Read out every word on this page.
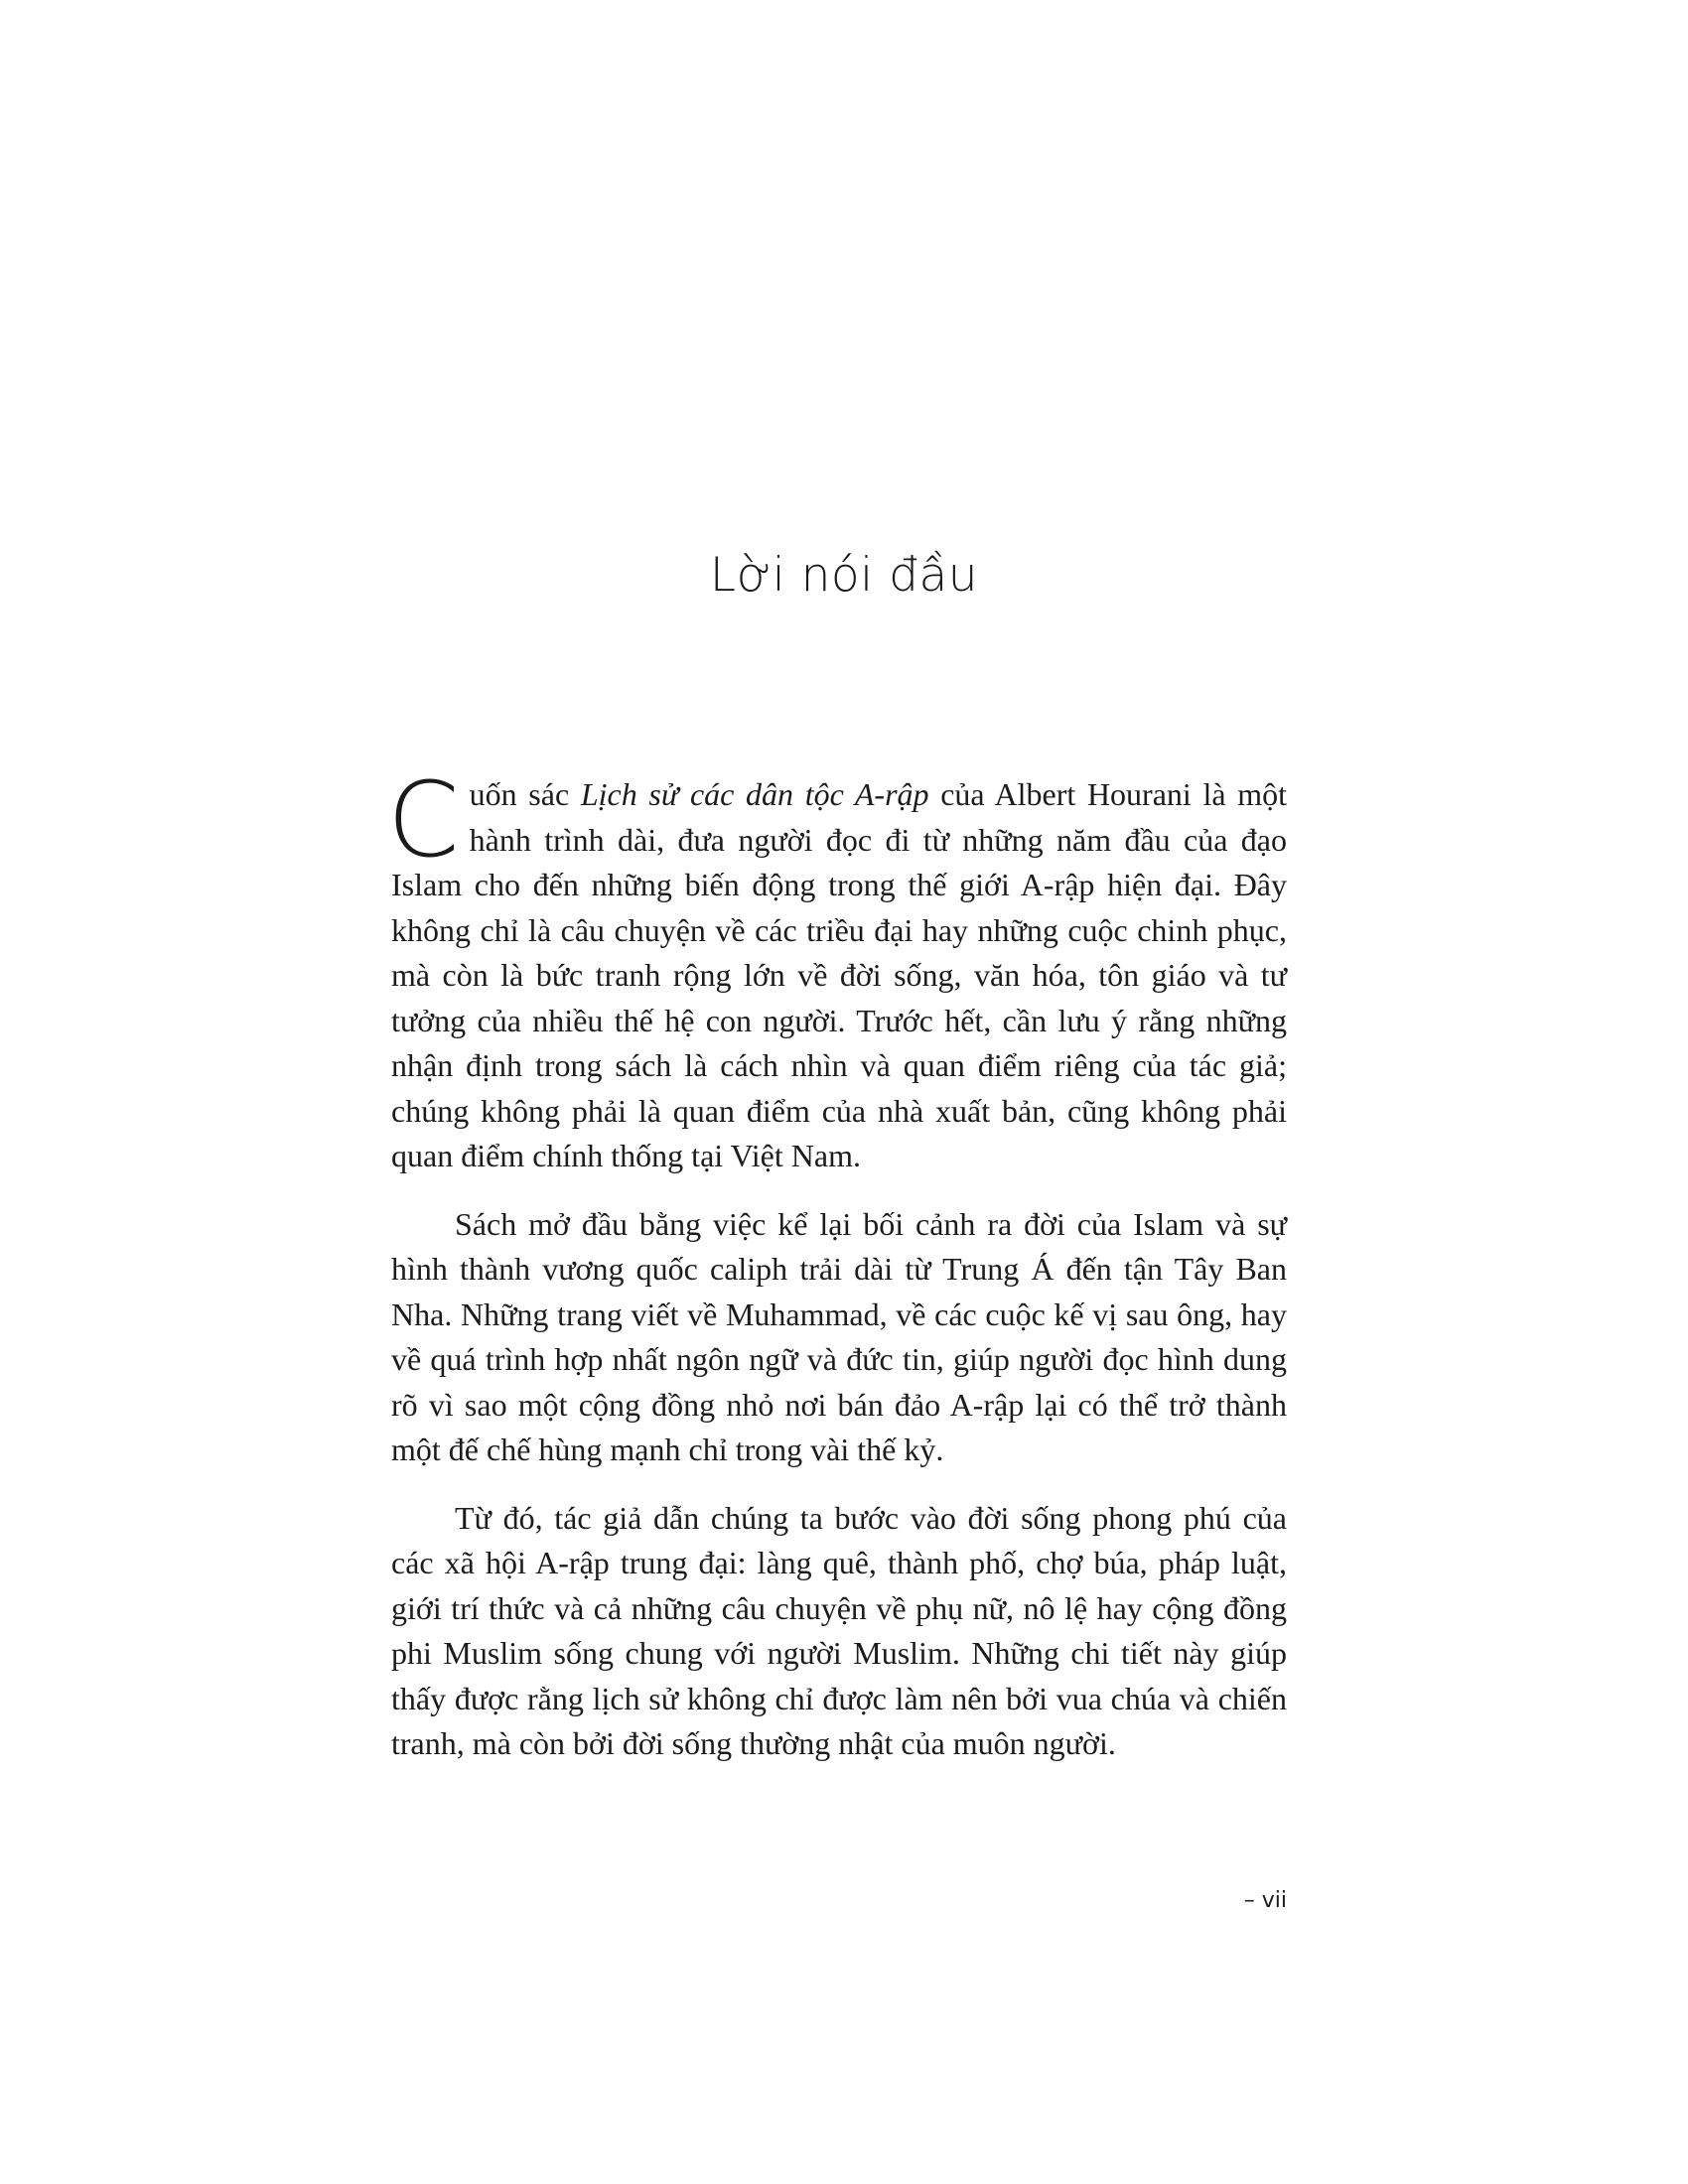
Lời nói đầu

Cuốn sác Lịch sử các dân tộc A-rập của Albert Hourani là một hành trình dài, đưa người đọc đi từ những năm đầu của đạo Islam cho đến những biến động trong thế giới A-rập hiện đại. Đây không chỉ là câu chuyện về các triều đại hay những cuộc chinh phục, mà còn là bức tranh rộng lớn về đời sống, văn hóa, tôn giáo và tư tưởng của nhiều thế hệ con người. Trước hết, cần lưu ý rằng những nhận định trong sách là cách nhìn và quan điểm riêng của tác giả; chúng không phải là quan điểm của nhà xuất bản, cũng không phải quan điểm chính thống tại Việt Nam.

Sách mở đầu bằng việc kể lại bối cảnh ra đời của Islam và sự hình thành vương quốc caliph trải dài từ Trung Á đến tận Tây Ban Nha. Những trang viết về Muhammad, về các cuộc kế vị sau ông, hay về quá trình hợp nhất ngôn ngữ và đức tin, giúp người đọc hình dung rõ vì sao một cộng đồng nhỏ nơi bán đảo A-rập lại có thể trở thành một đế chế hùng mạnh chỉ trong vài thế kỷ.

Từ đó, tác giả dẫn chúng ta bước vào đời sống phong phú của các xã hội A-rập trung đại: làng quê, thành phố, chợ búa, pháp luật, giới trí thức và cả những câu chuyện về phụ nữ, nô lệ hay cộng đồng phi Muslim sống chung với người Muslim. Những chi tiết này giúp thấy được rằng lịch sử không chỉ được làm nên bởi vua chúa và chiến tranh, mà còn bởi đời sống thường nhật của muôn người.

– vii
